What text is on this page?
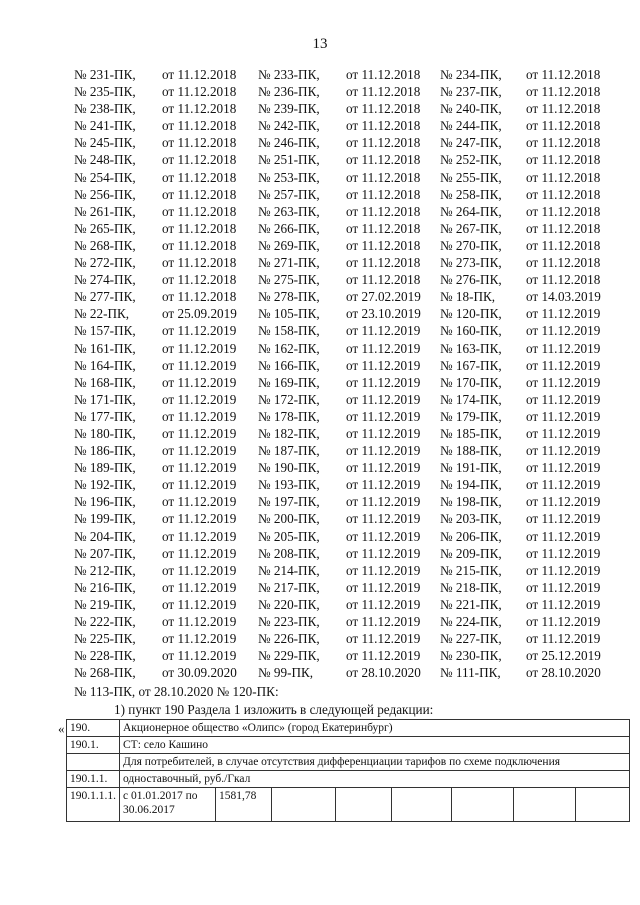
13
№ 231-ПК, от 11.12.2018 № 233-ПК, от 11.12.2018 № 234-ПК, от 11.12.2018
№ 235-ПК, от 11.12.2018 № 236-ПК, от 11.12.2018 № 237-ПК, от 11.12.2018
№ 238-ПК, от 11.12.2018 № 239-ПК, от 11.12.2018 № 240-ПК, от 11.12.2018
№ 241-ПК, от 11.12.2018 № 242-ПК, от 11.12.2018 № 244-ПК, от 11.12.2018
№ 245-ПК, от 11.12.2018 № 246-ПК, от 11.12.2018 № 247-ПК, от 11.12.2018
№ 248-ПК, от 11.12.2018 № 251-ПК, от 11.12.2018 № 252-ПК, от 11.12.2018
№ 254-ПК, от 11.12.2018 № 253-ПК, от 11.12.2018 № 255-ПК, от 11.12.2018
№ 256-ПК, от 11.12.2018 № 257-ПК, от 11.12.2018 № 258-ПК, от 11.12.2018
№ 261-ПК, от 11.12.2018 № 263-ПК, от 11.12.2018 № 264-ПК, от 11.12.2018
№ 265-ПК, от 11.12.2018 № 266-ПК, от 11.12.2018 № 267-ПК, от 11.12.2018
№ 268-ПК, от 11.12.2018 № 269-ПК, от 11.12.2018 № 270-ПК, от 11.12.2018
№ 272-ПК, от 11.12.2018 № 271-ПК, от 11.12.2018 № 273-ПК, от 11.12.2018
№ 274-ПК, от 11.12.2018 № 275-ПК, от 11.12.2018 № 276-ПК, от 11.12.2018
№ 277-ПК, от 11.12.2018 № 278-ПК, от 27.02.2019 № 18-ПК, от 14.03.2019
№ 22-ПК, от 25.09.2019 № 105-ПК, от 23.10.2019 № 120-ПК, от 11.12.2019
№ 157-ПК, от 11.12.2019 № 158-ПК, от 11.12.2019 № 160-ПК, от 11.12.2019
№ 161-ПК, от 11.12.2019 № 162-ПК, от 11.12.2019 № 163-ПК, от 11.12.2019
№ 164-ПК, от 11.12.2019 № 166-ПК, от 11.12.2019 № 167-ПК, от 11.12.2019
№ 168-ПК, от 11.12.2019 № 169-ПК, от 11.12.2019 № 170-ПК, от 11.12.2019
№ 171-ПК, от 11.12.2019 № 172-ПК, от 11.12.2019 № 174-ПК, от 11.12.2019
№ 177-ПК, от 11.12.2019 № 178-ПК, от 11.12.2019 № 179-ПК, от 11.12.2019
№ 180-ПК, от 11.12.2019 № 182-ПК, от 11.12.2019 № 185-ПК, от 11.12.2019
№ 186-ПК, от 11.12.2019 № 187-ПК, от 11.12.2019 № 188-ПК, от 11.12.2019
№ 189-ПК, от 11.12.2019 № 190-ПК, от 11.12.2019 № 191-ПК, от 11.12.2019
№ 192-ПК, от 11.12.2019 № 193-ПК, от 11.12.2019 № 194-ПК, от 11.12.2019
№ 196-ПК, от 11.12.2019 № 197-ПК, от 11.12.2019 № 198-ПК, от 11.12.2019
№ 199-ПК, от 11.12.2019 № 200-ПК, от 11.12.2019 № 203-ПК, от 11.12.2019
№ 204-ПК, от 11.12.2019 № 205-ПК, от 11.12.2019 № 206-ПК, от 11.12.2019
№ 207-ПК, от 11.12.2019 № 208-ПК, от 11.12.2019 № 209-ПК, от 11.12.2019
№ 212-ПК, от 11.12.2019 № 214-ПК, от 11.12.2019 № 215-ПК, от 11.12.2019
№ 216-ПК, от 11.12.2019 № 217-ПК, от 11.12.2019 № 218-ПК, от 11.12.2019
№ 219-ПК, от 11.12.2019 № 220-ПК, от 11.12.2019 № 221-ПК, от 11.12.2019
№ 222-ПК, от 11.12.2019 № 223-ПК, от 11.12.2019 № 224-ПК, от 11.12.2019
№ 225-ПК, от 11.12.2019 № 226-ПК, от 11.12.2019 № 227-ПК, от 11.12.2019
№ 228-ПК, от 11.12.2019 № 229-ПК, от 11.12.2019 № 230-ПК, от 25.12.2019
№ 268-ПК, от 30.09.2020 № 99-ПК, от 28.10.2020 № 111-ПК, от 28.10.2020
№ 113-ПК, от 28.10.2020 № 120-ПК:
1) пункт 190 Раздела 1 изложить в следующей редакции:
« 190.	Акционерное общество «Олипс» (город Екатеринбург)							
190.1.	СТ: село Кашино							
	Для потребителей, в случае отсутствия дифференциации тарифов по схеме подключения							
190.1.1.	одноставочный, руб./Гкал							
190.1.1.1.	с 01.01.2017 по 30.06.2017	1581,78						
